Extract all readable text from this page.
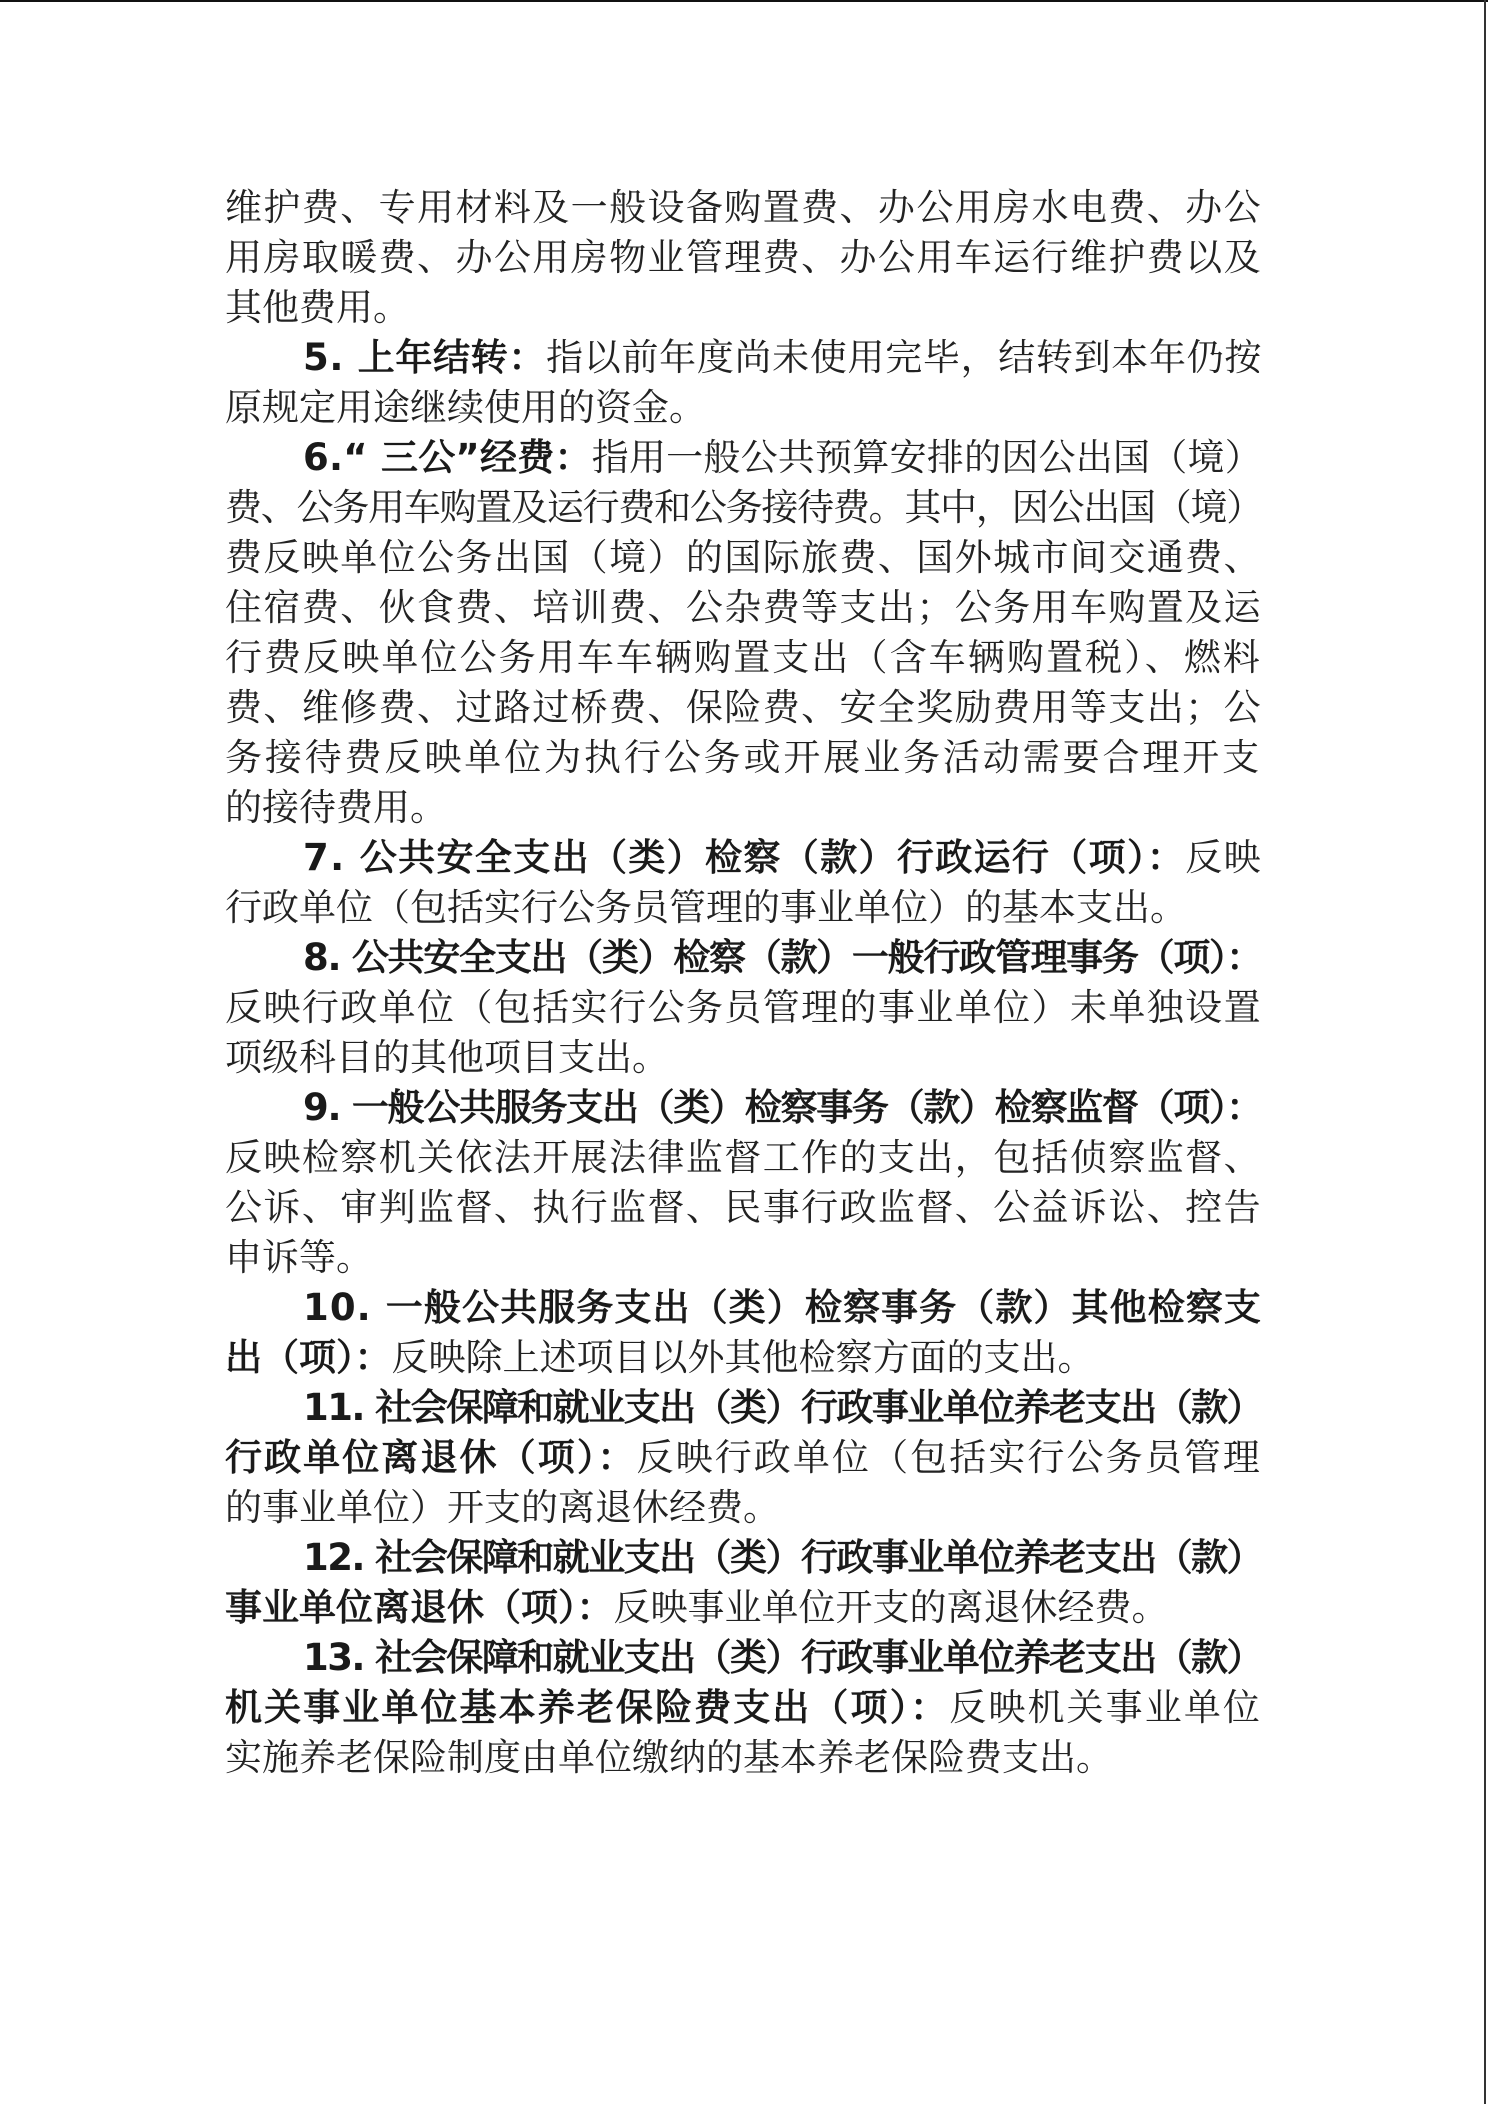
维护费、专用材料及一般设备购置费、办公用房水电费、办公
用房取暖费、办公用房物业管理费、办公用车运行维护费以及
其他费用。
5. 上年结转：指以前年度尚未使用完毕，结转到本年仍按
原规定用途继续使用的资金。
6.“ 三公”经费：指用一般公共预算安排的因公出国（境）
费、公务用车购置及运行费和公务接待费。其中，因公出国（境）
费反映单位公务出国（境）的国际旅费、国外城市间交通费、
住宿费、伙食费、培训费、公杂费等支出；公务用车购置及运
行费反映单位公务用车车辆购置支出（含车辆购置税）、燃料
费、维修费、过路过桥费、保险费、安全奖励费用等支出；公
务接待费反映单位为执行公务或开展业务活动需要合理开支
的接待费用。
7. 公共安全支出（类）检察（款）行政运行（项）：反映
行政单位（包括实行公务员管理的事业单位）的基本支出。
8. 公共安全支出（类）检察（款）一般行政管理事务（项）：
反映行政单位（包括实行公务员管理的事业单位）未单独设置
项级科目的其他项目支出。
9. 一般公共服务支出（类）检察事务（款）检察监督（项）：
反映检察机关依法开展法律监督工作的支出，包括侦察监督、
公诉、审判监督、执行监督、民事行政监督、公益诉讼、控告
申诉等。
10. 一般公共服务支出（类）检察事务（款）其他检察支
出（项）：反映除上述项目以外其他检察方面的支出。
11. 社会保障和就业支出（类）行政事业单位养老支出（款）
行政单位离退休（项）：反映行政单位（包括实行公务员管理
的事业单位）开支的离退休经费。
12. 社会保障和就业支出（类）行政事业单位养老支出（款）
事业单位离退休（项）：反映事业单位开支的离退休经费。
13. 社会保障和就业支出（类）行政事业单位养老支出（款）
机关事业单位基本养老保险费支出（项）：反映机关事业单位
实施养老保险制度由单位缴纳的基本养老保险费支出。
